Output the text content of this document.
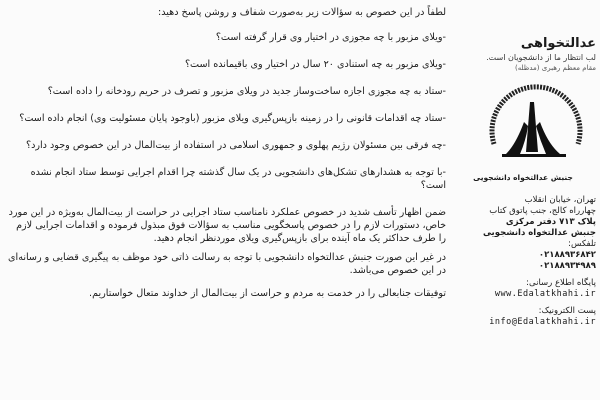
لطفاً در این خصوص به سؤالات زیر به‌صورت شفاف و روشن پاسخ دهید:

-ویلای مزبور با چه مجوزی در اختیار وی قرار گرفته است؟

-ویلای مزبور به چه استنادی ۲۰ سال در اختیار وی باقیمانده است؟

-ستاد به چه مجوزی اجازه ساخت‌وساز جدید در ویلای مزبور و تصرف در حریم رودخانه را داده است؟

-ستاد چه اقدامات قانونی را در زمینه بازپس‌گیری ویلای مزبور (باوجود پایان مسئولیت وی) انجام داده است؟

-چه فرقی بین مسئولان رژیم پهلوی و جمهوری اسلامی در استفاده از بیت‌المال در این خصوص وجود دارد؟

-با توجه به هشدارهای تشکل‌های دانشجویی در یک سال گذشته چرا اقدام اجرایی توسط ستاد انجام نشده است؟

ضمن اظهار تأسف شدید در خصوص عملکرد نامناسب ستاد اجرایی در حراست از بیت‌المال به‌ویژه در این مورد خاص، دستورات لازم را در خصوص پاسخگویی مناسب به سؤالات فوق مبذول فرموده و اقدامات اجرایی لازم را طرف حداکثر یک ماه آینده برای بازپس‌گیری ویلای موردنظر انجام دهید.

در غیر این صورت جنبش عدالتخواه دانشجویی با توجه به رسالت ذاتی خود موظف به پیگیری قضایی و رسانه‌ای در این خصوص می‌باشد.

توفیقات جنابعالی را در خدمت به مردم و حراست از بیت‌المال از خداوند متعال خواستاریم.

عدالتخواهی
لب انتظار ما از دانشجویان است.
مقام معظم رهبری (مدظله)
جنبش عدالتخواه دانشجویی

تهران، خیابان انقلاب

چهارراه کالج، جنب پاتوق کتاب

پلاک ۷۱۳ دفتر مرکزی

جنبش عدالتخواه دانشجویی

تلفکس:

۰۲۱۸۸۹۳۶۸۴۲

۰۲۱۸۸۹۳۴۹۸۹

پایگاه اطلاع رسانی:

www.Edalatkhahi.ir

پست الکترونیک:

info@Edalatkhahi.ir
